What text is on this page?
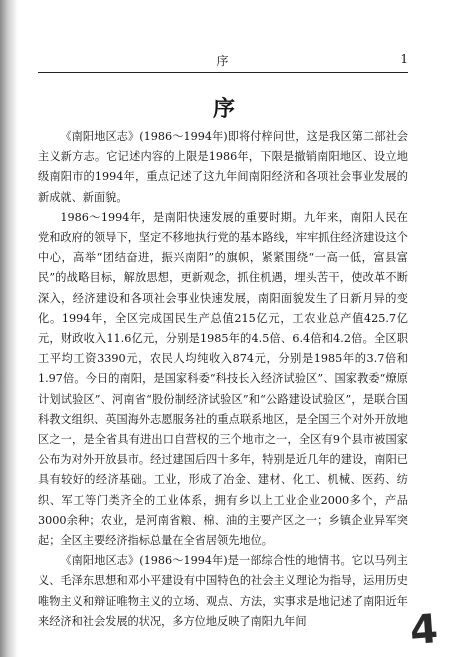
序	1
序

《南阳地区志》(1986～1994年)即将付梓问世，这是我区第二部社会主义新方志。它记述内容的上限是1986年，下限是撤销南阳地区、设立地级南阳市的1994年，重点记述了这九年间南阳经济和各项社会事业发展的新成就、新面貌。

1986～1994年，是南阳快速发展的重要时期。九年来，南阳人民在党和政府的领导下，坚定不移地执行党的基本路线，牢牢抓住经济建设这个中心，高举“团结奋进，振兴南阳”的旗帜，紧紧围绕“一高一低，富县富民”的战略目标，解放思想，更新观念，抓住机遇，埋头苦干，使改革不断深入，经济建设和各项社会事业快速发展，南阳面貌发生了日新月异的变化。1994年，全区完成国民生产总值215亿元，工农业总产值425.7亿元，财政收入11.6亿元，分别是1985年的4.5倍、6.4倍和4.2倍。全区职工平均工资3390元，农民人均纯收入874元，分别是1985年的3.7倍和1.97倍。今日的南阳，是国家科委“科技长入经济试验区”、国家教委“燎原计划试验区”、河南省“股份制经济试验区”和“公路建设试验区”，是联合国科教文组织、英国海外志愿服务社的重点联系地区，是全国三个对外开放地区之一，是全省具有进出口自营权的三个地市之一，全区有9个县市被国家公布为对外开放县市。经过建国后四十多年，特别是近几年的建设，南阳已具有较好的经济基础。工业，形成了冶金、建材、化工、机械、医药、纺织、军工等门类齐全的工业体系，拥有乡以上工业企业2000多个，产品3000余种；农业，是河南省粮、棉、油的主要产区之一；乡镇企业异军突起；全区主要经济指标总量在全省居领先地位。

《南阳地区志》(1986～1994年)是一部综合性的地情书。它以马列主义、毛泽东思想和邓小平建设有中国特色的社会主义理论为指导，运用历史唯物主义和辩证唯物主义的立场、观点、方法，实事求是地记述了南阳近年来经济和社会发展的状况，多方位地反映了南阳九年间	4
